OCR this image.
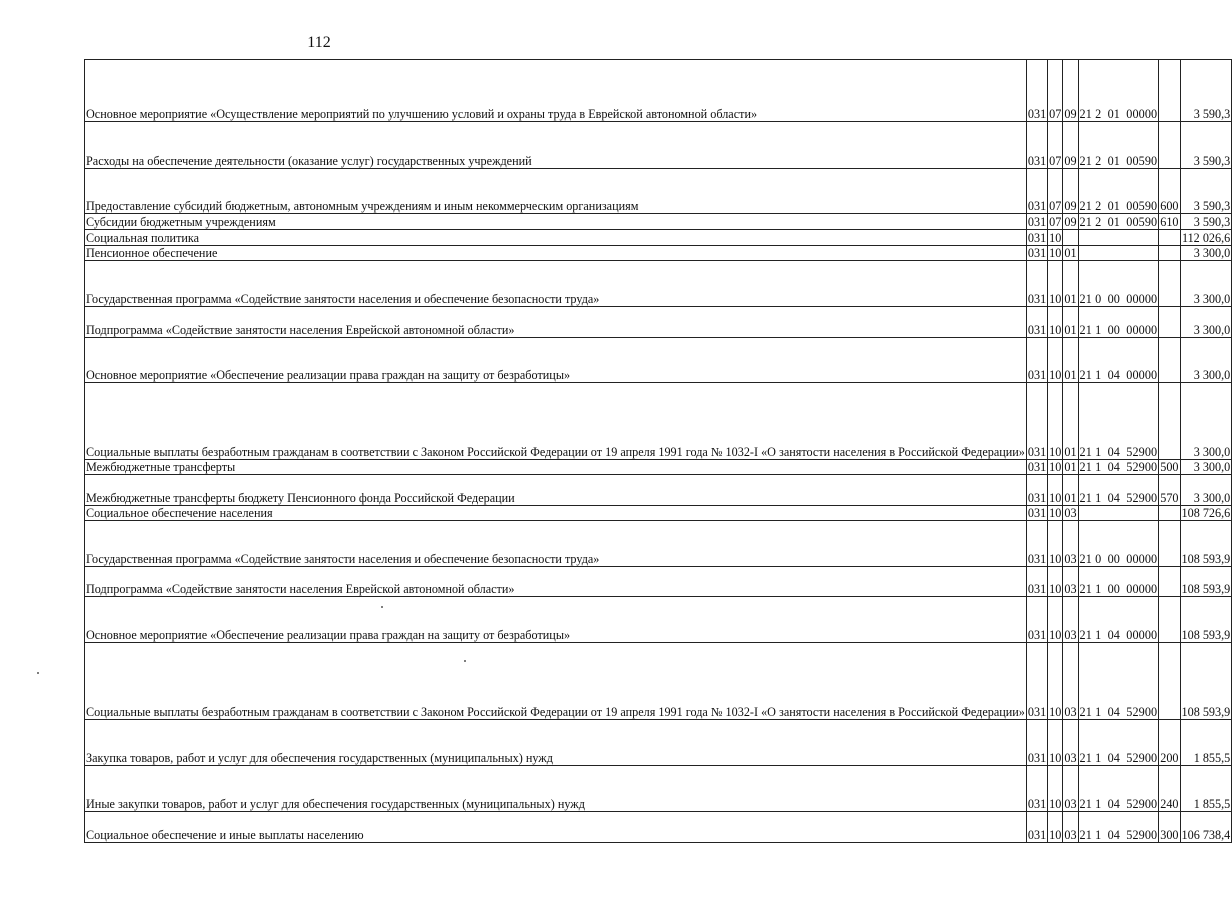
112
Основное мероприятие «Осуществление мероприятий по улучшению условий и охраны труда в Еврейской автономной области»	031	07	09	21 2  01  00000		3 590,3
Расходы на обеспечение деятельности (оказание услуг) государственных учреждений	031	07	09	21 2  01  00590		3 590,3
Предоставление субсидий бюджетным, автономным учреждениям и иным некоммерческим организациям	031	07	09	21 2  01  00590	600	3 590,3
Субсидии бюджетным учреждениям	031	07	09	21 2  01  00590	610	3 590,3
Социальная политика	031	10				112 026,6
Пенсионное обеспечение	031	10	01			3 300,0
Государственная программа «Содействие занятости населения и обеспечение безопасности труда»	031	10	01	21 0  00  00000		3 300,0
Подпрограмма «Содействие занятости населения Еврейской автономной области»	031	10	01	21 1  00  00000		3 300,0
Основное мероприятие «Обеспечение реализации права граждан на защиту от безработицы»	031	10	01	21 1  04  00000		3 300,0
Социальные выплаты безработным гражданам в соответствии с Законом Российской Федерации от 19 апреля 1991 года № 1032-I «О занятости населения в Российской Федерации»	031	10	01	21 1  04  52900		3 300,0
Межбюджетные трансферты	031	10	01	21 1  04  52900	500	3 300,0
Межбюджетные трансферты бюджету Пенсионного фонда Российской Федерации	031	10	01	21 1  04  52900	570	3 300,0
Социальное обеспечение населения	031	10	03			108 726,6
Государственная программа «Содействие занятости населения и обеспечение безопасности труда»	031	10	03	21 0  00  00000		108 593,9
Подпрограмма «Содействие занятости населения Еврейской автономной области»	031	10	03	21 1  00  00000		108 593,9
Основное мероприятие «Обеспечение реализации права граждан на защиту от безработицы»	031	10	03	21 1  04  00000		108 593,9
Социальные выплаты безработным гражданам в соответствии с Законом Российской Федерации от 19 апреля 1991 года № 1032-I «О занятости населения в Российской Федерации»	031	10	03	21 1  04  52900		108 593,9
Закупка товаров, работ и услуг для обеспечения государственных (муниципальных) нужд	031	10	03	21 1  04  52900	200	1 855,5
Иные закупки товаров, работ и услуг для обеспечения государственных (муниципальных) нужд	031	10	03	21 1  04  52900	240	1 855,5
Социальное обеспечение и иные выплаты населению	031	10	03	21 1  04  52900	300	106 738,4
